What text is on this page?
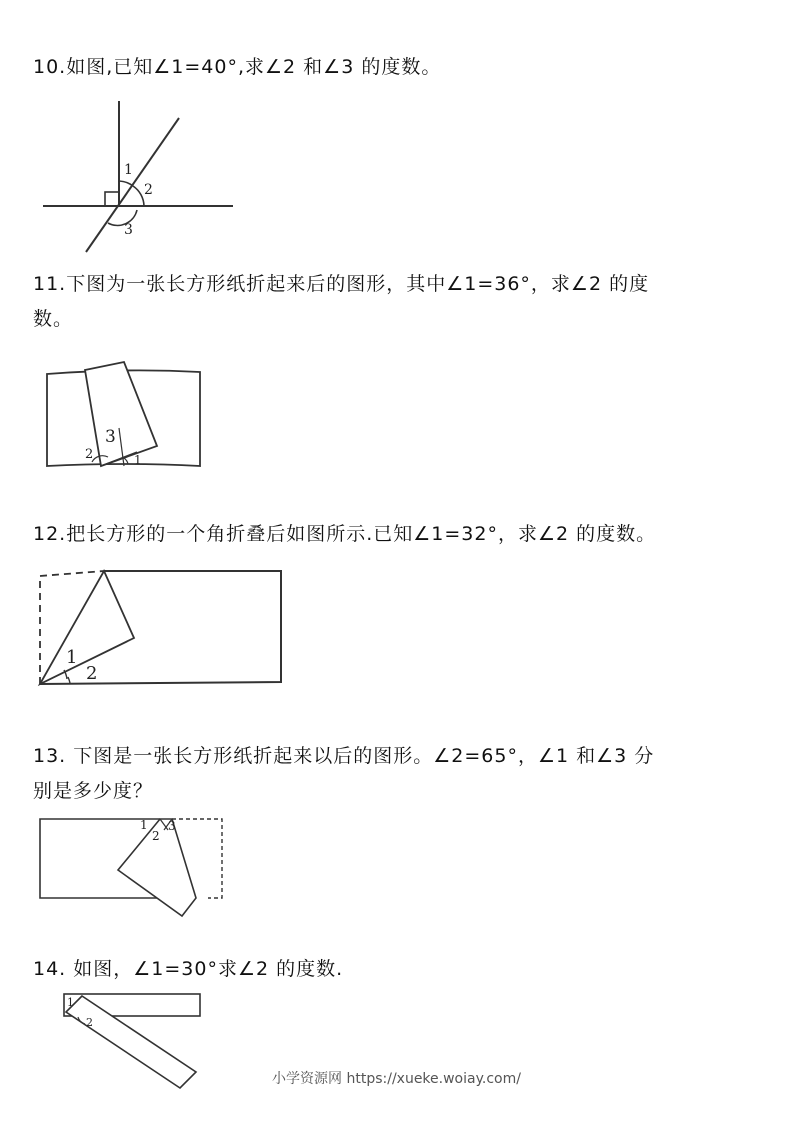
10.如图,已知∠1=40°,求∠2 和∠3 的度数。
1
2
3
11.下图为一张长方形纸折起来后的图形，其中∠1=36°，求∠2 的度
数。
3
2	1
12.把长方形的一个角折叠后如图所示.已知∠1=32°，求∠2 的度数。
1
2
13. 下图是一张长方形纸折起来以后的图形。∠2=65°，∠1 和∠3 分
别是多少度？
1 3
2
14. 如图，∠1=30°求∠2 的度数.
1
2
小学资源网 https://xueke.woiay.com/
